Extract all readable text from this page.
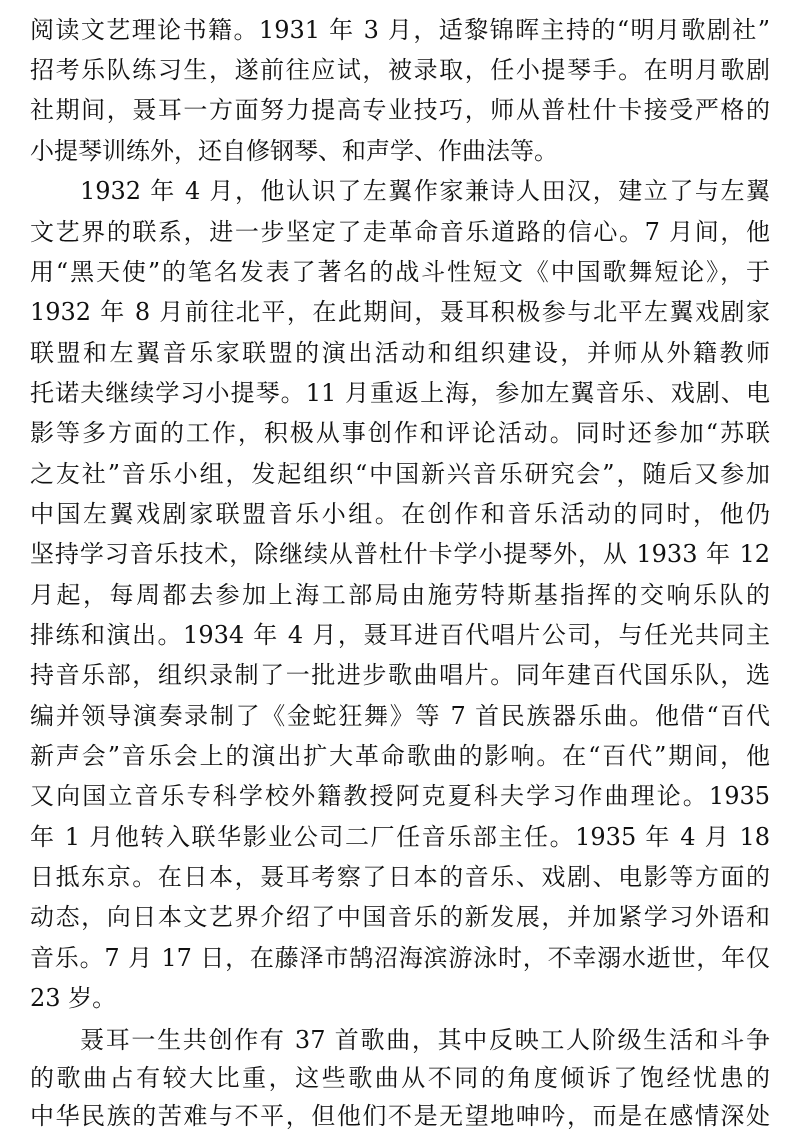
阅读文艺理论书籍。1931 年 3 月，适黎锦晖主持的“明月歌剧社”
招考乐队练习生，遂前往应试，被录取，任小提琴手。在明月歌剧
社期间，聂耳一方面努力提高专业技巧，师从普杜什卡接受严格的
小提琴训练外，还自修钢琴、和声学、作曲法等。
1932 年 4 月，他认识了左翼作家兼诗人田汉，建立了与左翼
文艺界的联系，进一步坚定了走革命音乐道路的信心。7 月间，他
用“黑天使”的笔名发表了著名的战斗性短文《中国歌舞短论》，于
1932 年 8 月前往北平，在此期间，聂耳积极参与北平左翼戏剧家
联盟和左翼音乐家联盟的演出活动和组织建设，并师从外籍教师
托诺夫继续学习小提琴。11 月重返上海，参加左翼音乐、戏剧、电
影等多方面的工作，积极从事创作和评论活动。同时还参加“苏联
之友社”音乐小组，发起组织“中国新兴音乐研究会”，随后又参加
中国左翼戏剧家联盟音乐小组。在创作和音乐活动的同时，他仍
坚持学习音乐技术，除继续从普杜什卡学小提琴外，从 1933 年 12
月起，每周都去参加上海工部局由施劳特斯基指挥的交响乐队的
排练和演出。1934 年 4 月，聂耳进百代唱片公司，与任光共同主
持音乐部，组织录制了一批进步歌曲唱片。同年建百代国乐队，选
编并领导演奏录制了《金蛇狂舞》等 7 首民族器乐曲。他借“百代
新声会”音乐会上的演出扩大革命歌曲的影响。在“百代”期间，他
又向国立音乐专科学校外籍教授阿克夏科夫学习作曲理论。1935
年 1 月他转入联华影业公司二厂任音乐部主任。1935 年 4 月 18
日抵东京。在日本，聂耳考察了日本的音乐、戏剧、电影等方面的
动态，向日本文艺界介绍了中国音乐的新发展，并加紧学习外语和
音乐。7 月 17 日，在藤泽市鹄沼海滨游泳时，不幸溺水逝世，年仅
23 岁。
聂耳一生共创作有 37 首歌曲，其中反映工人阶级生活和斗争
的歌曲占有较大比重，这些歌曲从不同的角度倾诉了饱经忧患的
中华民族的苦难与不平，但他们不是无望地呻吟，而是在感情深处
